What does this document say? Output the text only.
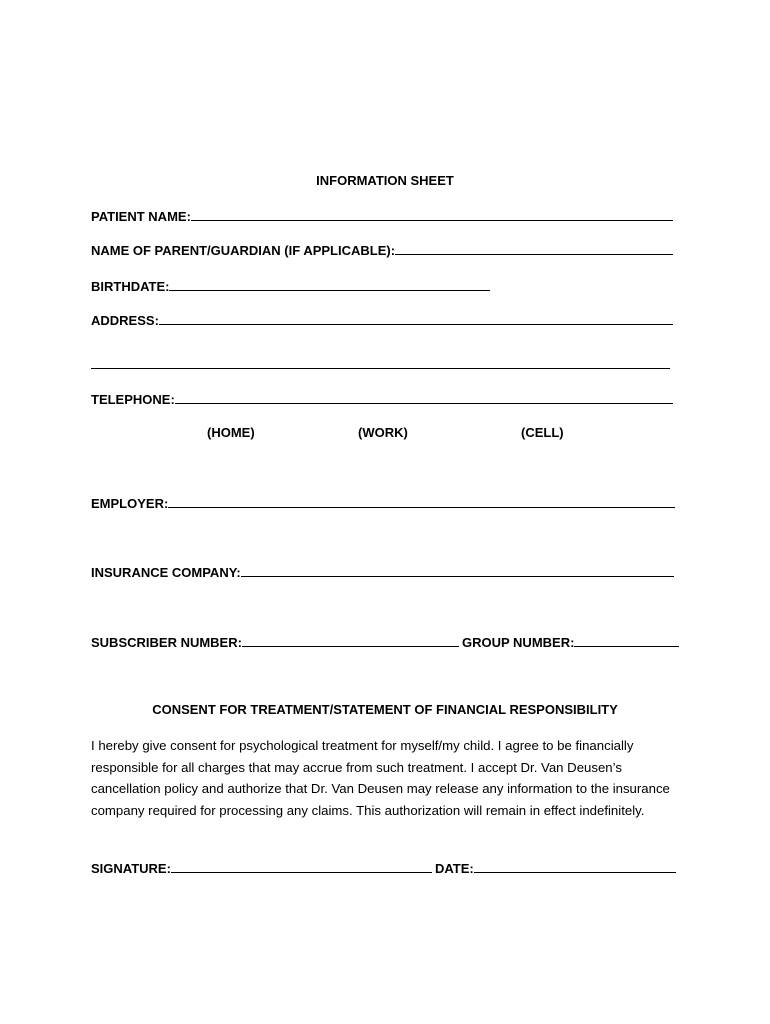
INFORMATION SHEET
PATIENT NAME:
NAME OF PARENT/GUARDIAN (IF APPLICABLE):
BIRTHDATE:
ADDRESS:
TELEPHONE:
(HOME)	(WORK)	(CELL)
EMPLOYER:
INSURANCE COMPANY:
SUBSCRIBER NUMBER:	GROUP NUMBER:
CONSENT FOR TREATMENT/STATEMENT OF FINANCIAL RESPONSIBILITY
I hereby give consent for psychological treatment for myself/my child. I agree to be financially responsible for all charges that may accrue from such treatment. I accept Dr. Van Deusen’s cancellation policy and authorize that Dr. Van Deusen may release any information to the insurance company required for processing any claims. This authorization will remain in effect indefinitely.
SIGNATURE:	DATE:
